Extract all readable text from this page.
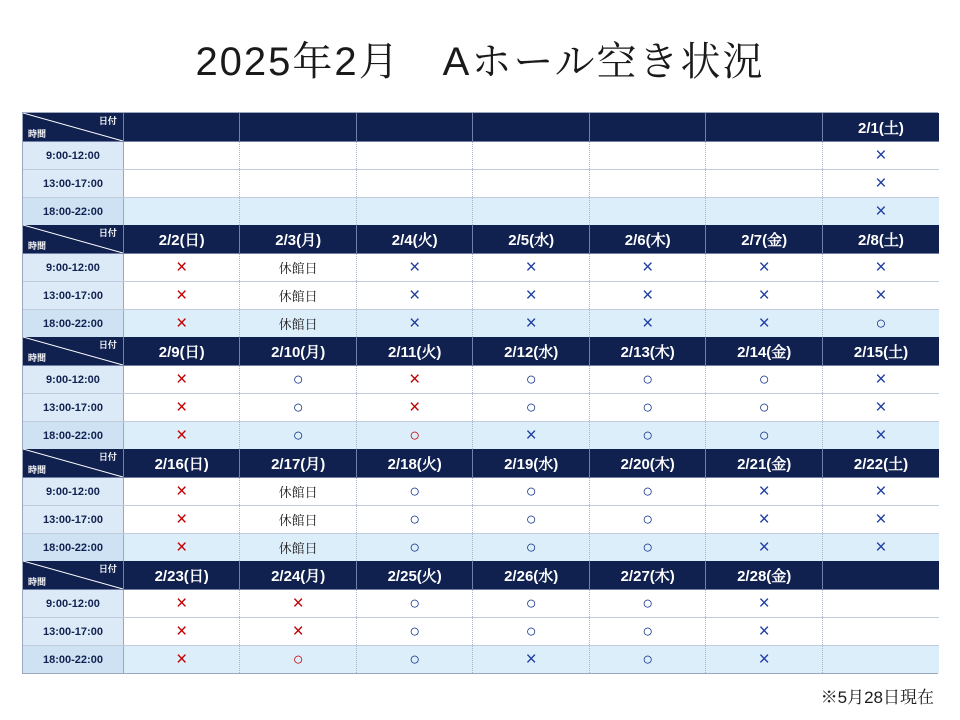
2025年2月　Aホール空き状況
日付
時間							2/1(土)
9:00-12:00							×
13:00-17:00							×
18:00-22:00							×
日付
時間	2/2(日)	2/3(月)	2/4(火)	2/5(水)	2/6(木)	2/7(金)	2/8(土)
9:00-12:00	×	休館日	×	×	×	×	×
13:00-17:00	×	休館日	×	×	×	×	×
18:00-22:00	×	休館日	×	×	×	×	○
日付
時間	2/9(日)	2/10(月)	2/11(火)	2/12(水)	2/13(木)	2/14(金)	2/15(土)
9:00-12:00	×	○	×	○	○	○	×
13:00-17:00	×	○	×	○	○	○	×
18:00-22:00	×	○	○	×	○	○	×
日付
時間	2/16(日)	2/17(月)	2/18(火)	2/19(水)	2/20(木)	2/21(金)	2/22(土)
9:00-12:00	×	休館日	○	○	○	×	×
13:00-17:00	×	休館日	○	○	○	×	×
18:00-22:00	×	休館日	○	○	○	×	×
日付
時間	2/23(日)	2/24(月)	2/25(火)	2/26(水)	2/27(木)	2/28(金)	
9:00-12:00	×	×	○	○	○	×	
13:00-17:00	×	×	○	○	○	×	
18:00-22:00	×	○	○	×	○	×	
※5月28日現在
